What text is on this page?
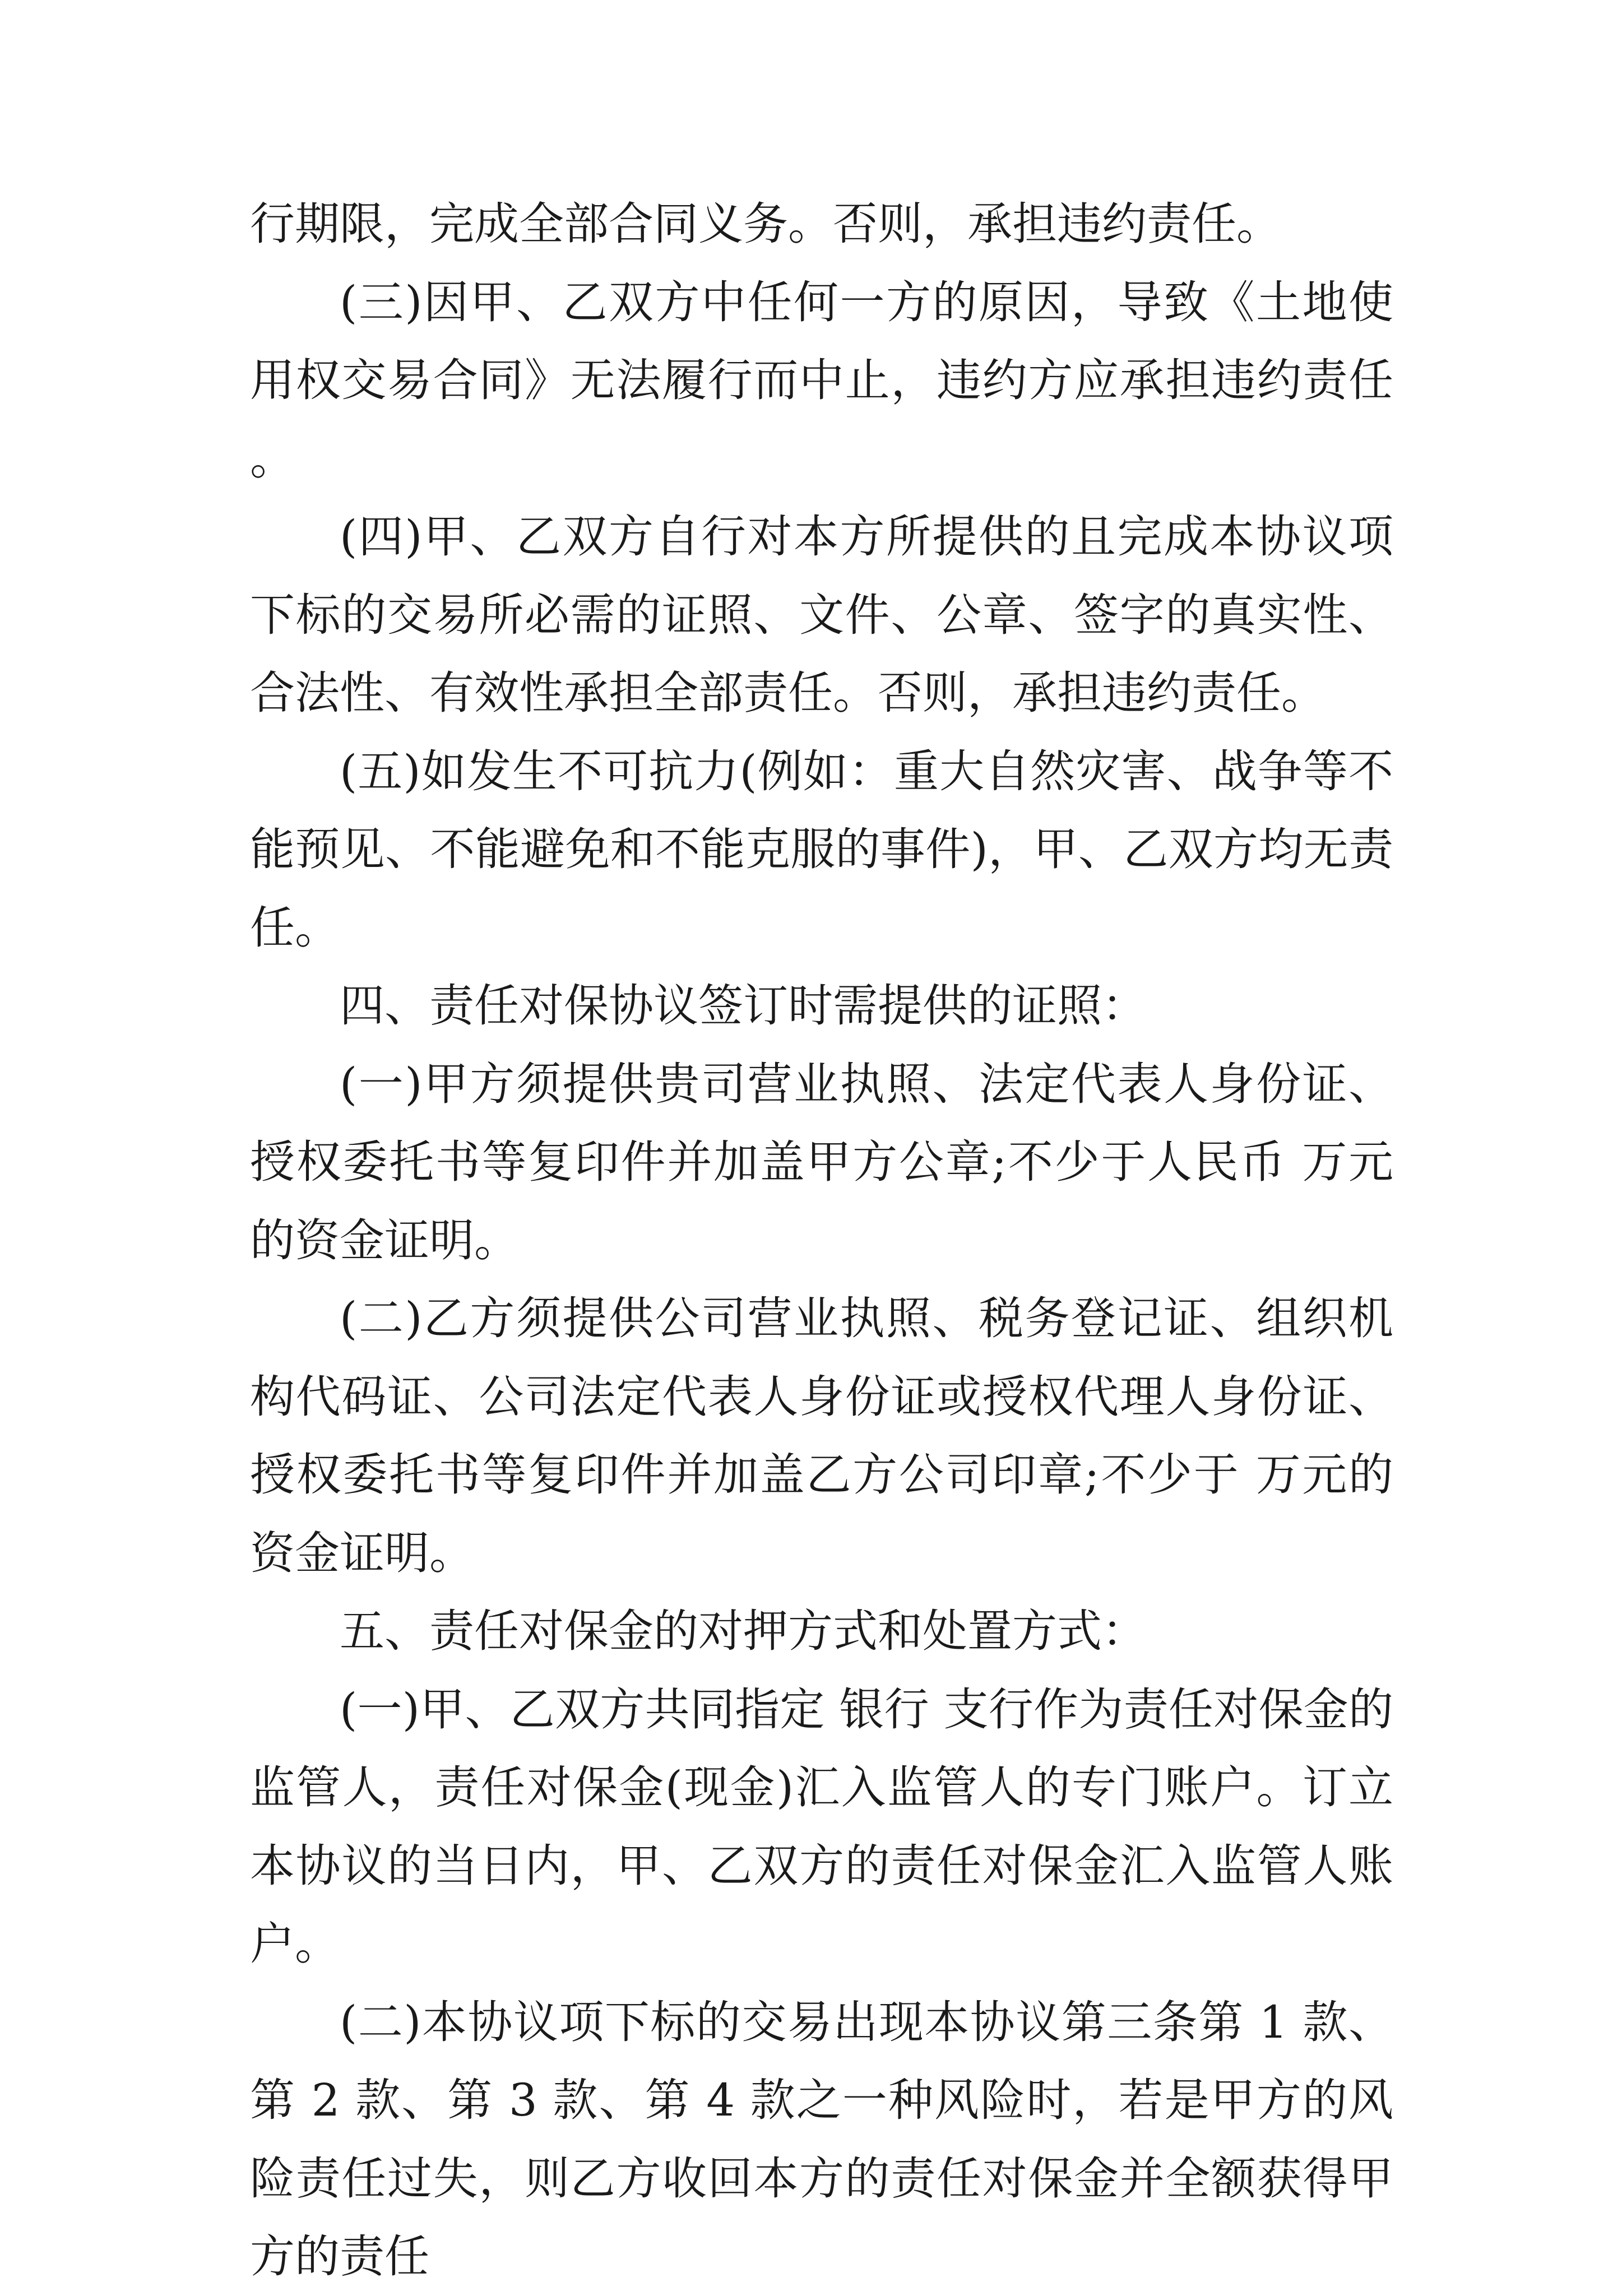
行期限，完成全部合同义务。否则，承担违约责任。

(三)因甲、乙双方中任何一方的原因，导致《土地使用权交易合同》无法履行而中止，违约方应承担违约责任。

(四)甲、乙双方自行对本方所提供的且完成本协议项下标的交易所必需的证照、文件、公章、签字的真实性、合法性、有效性承担全部责任。否则，承担违约责任。

(五)如发生不可抗力(例如：重大自然灾害、战争等不能预见、不能避免和不能克服的事件)，甲、乙双方均无责任。

四、责任对保协议签订时需提供的证照：

(一)甲方须提供贵司营业执照、法定代表人身份证、授权委托书等复印件并加盖甲方公章;不少于人民币 万元的资金证明。

(二)乙方须提供公司营业执照、税务登记证、组织机构代码证、公司法定代表人身份证或授权代理人身份证、授权委托书等复印件并加盖乙方公司印章;不少于 万元的资金证明。

五、责任对保金的对押方式和处置方式：

(一)甲、乙双方共同指定 银行 支行作为责任对保金的监管人，责任对保金(现金)汇入监管人的专门账户。订立本协议的当日内，甲、乙双方的责任对保金汇入监管人账户。

(二)本协议项下标的交易出现本协议第三条第 1 款、第 2 款、第 3 款、第 4 款之一种风险时，若是甲方的风险责任过失，则乙方收回本方的责任对保金并全额获得甲方的责任
